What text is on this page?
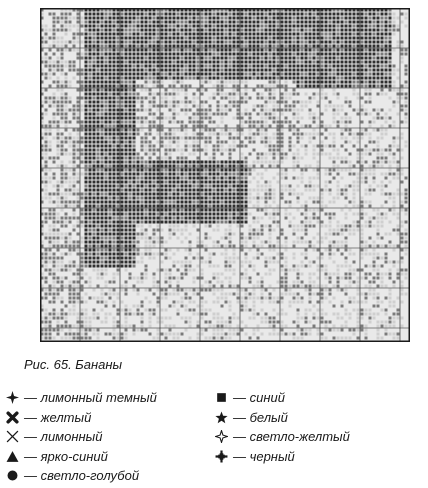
Рис. 65. Бананы
— лимонный темный
— желтый
— лимонный
— ярко-синий
— светло-голубой
— синий
— белый
— светло-желтый
— черный
